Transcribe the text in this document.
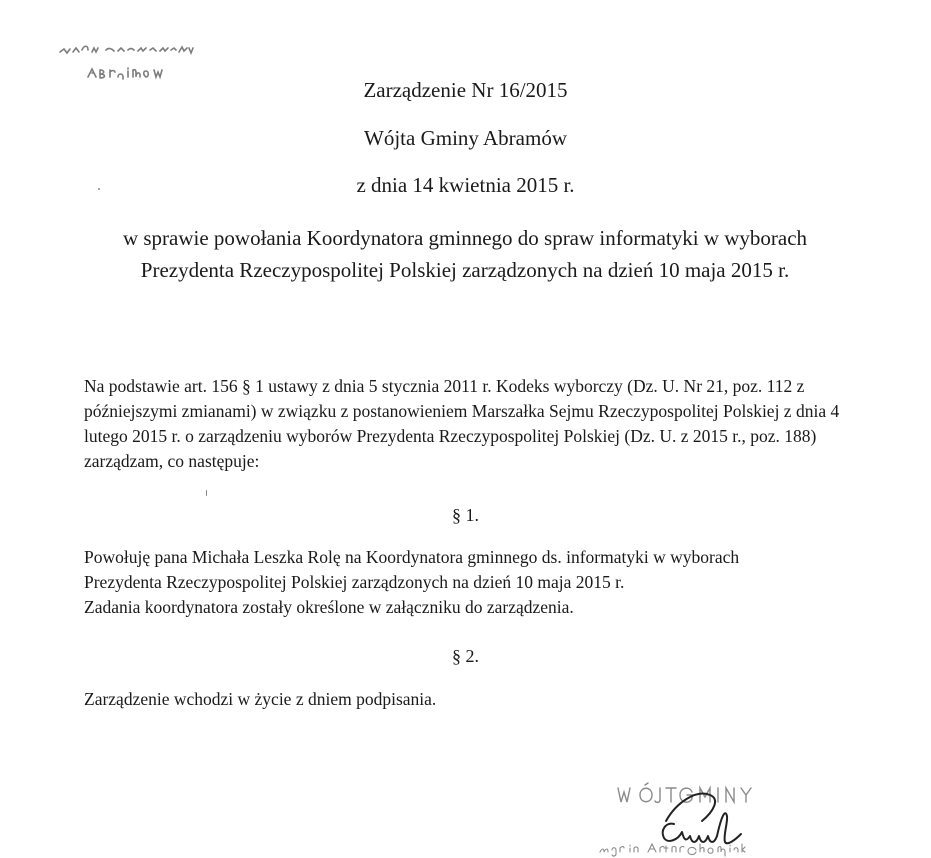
Zarządzenie Nr 16/2015
Wójta Gminy Abramów
z dnia 14 kwietnia 2015 r.
w sprawie powołania Koordynatora gminnego do spraw informatyki w wyborach Prezydenta Rzeczypospolitej Polskiej zarządzonych na dzień 10 maja 2015 r.
Na podstawie art. 156 § 1 ustawy z dnia 5 stycznia 2011 r. Kodeks wyborczy (Dz. U. Nr 21, poz. 112 z późniejszymi zmianami) w związku z postanowieniem Marszałka Sejmu Rzeczypospolitej Polskiej z dnia 4 lutego 2015 r. o zarządzeniu wyborów Prezydenta Rzeczypospolitej Polskiej (Dz. U. z 2015 r., poz. 188) zarządzam, co następuje:
§ 1.
Powołuję pana Michała Leszka Rolę na Koordynatora gminnego ds. informatyki w wyborach
Prezydenta Rzeczypospolitej Polskiej zarządzonych na dzień 10 maja 2015 r.
Zadania koordynatora zostały określone w załączniku do zarządzenia.
§ 2.
Zarządzenie wchodzi w życie z dniem podpisania.
